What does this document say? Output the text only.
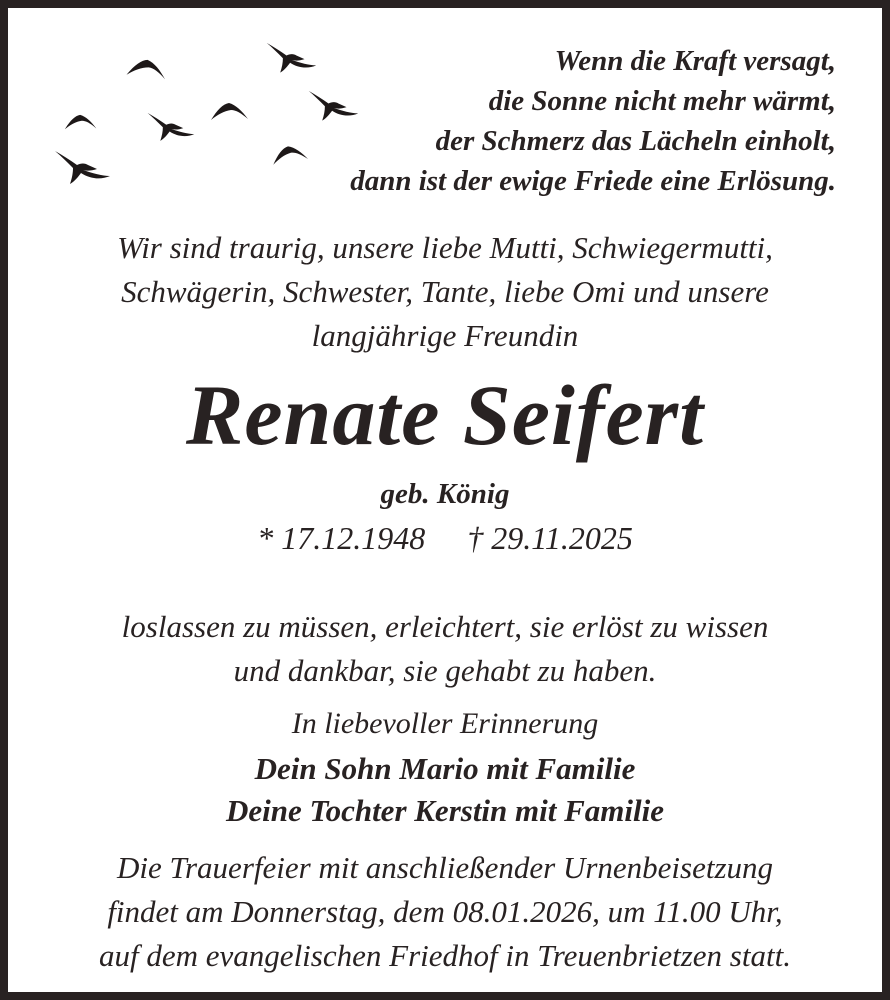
Wenn die Kraft versagt,
die Sonne nicht mehr wärmt,
der Schmerz das Lächeln einholt,
dann ist der ewige Friede eine Erlösung.
Wir sind traurig, unsere liebe Mutti, Schwiegermutti,
Schwägerin, Schwester, Tante, liebe Omi und unsere
langjährige Freundin
Renate Seifert
geb. König
* 17.12.1948 † 29.11.2025
loslassen zu müssen, erleichtert, sie erlöst zu wissen
und dankbar, sie gehabt zu haben.
In liebevoller Erinnerung
Dein Sohn Mario mit Familie
Deine Tochter Kerstin mit Familie
Die Trauerfeier mit anschließender Urnenbeisetzung
findet am Donnerstag, dem 08.01.2026, um 11.00 Uhr,
auf dem evangelischen Friedhof in Treuenbrietzen statt.
